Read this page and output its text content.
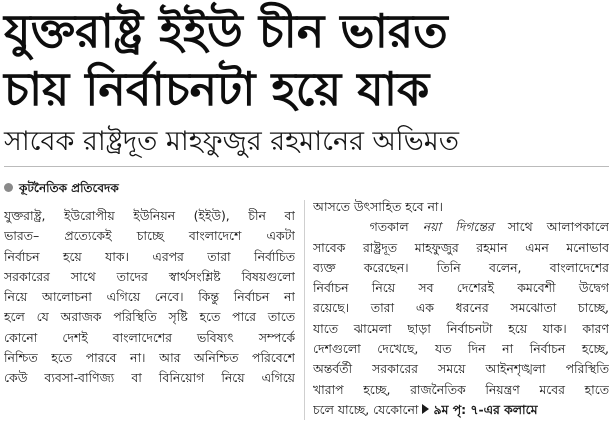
যুক্তরাষ্ট্র ইইউ চীন ভারত
চায় নির্বাচনটা হয়ে যাক
সাবেক রাষ্ট্রদূত মাহফুজুর রহমানের অভিমত
কূটনৈতিক প্রতিবেদক
যুক্তরাষ্ট্র, ইউরোপীয় ইউনিয়ন (ইইউ), চীন বা
ভারত– প্রত্যেকেই চাচ্ছে বাংলাদেশে একটা
নির্বাচন হয়ে যাক। এরপর তারা নির্বাচিত
সরকারের সাথে তাদের স্বার্থসংশ্লিষ্ট বিষয়গুলো
নিয়ে আলোচনা এগিয়ে নেবে। কিন্তু নির্বাচন না
হলে যে অরাজক পরিস্থিতি সৃষ্টি হতে পারে তাতে
কোনো দেশই বাংলাদেশের ভবিষ্যৎ সম্পর্কে
নিশ্চিত হতে পারবে না। আর অনিশ্চিত পরিবেশে
কেউ ব্যবসা-বাণিজ্য বা বিনিয়োগ নিয়ে এগিয়ে
আসতে উৎসাহিত হবে না।
গতকাল নয়া দিগন্তের সাথে আলাপকালে
সাবেক রাষ্ট্রদূত মাহফুজুর রহমান এমন মনোভাব
ব্যক্ত করেছেন। তিনি বলেন, বাংলাদেশের
নির্বাচন নিয়ে সব দেশেরই কমবেশী উদ্বেগ
রয়েছে। তারা এক ধরনের সমঝোতা চাচ্ছে,
যাতে ঝামেলা ছাড়া নির্বাচনটা হয়ে যাক। কারণ
দেশগুলো দেখেছে, যত দিন না নির্বাচন হচ্ছে,
অন্তর্বর্তী সরকারের সময়ে আইনশৃঙ্খলা পরিস্থিতি
খারাপ হচ্ছে, রাজনৈতিক নিয়ন্ত্রণ মবের হাতে
চলে যাচ্ছে, যেকোনো ৯ম পৃ: ৭-এর কলামে
